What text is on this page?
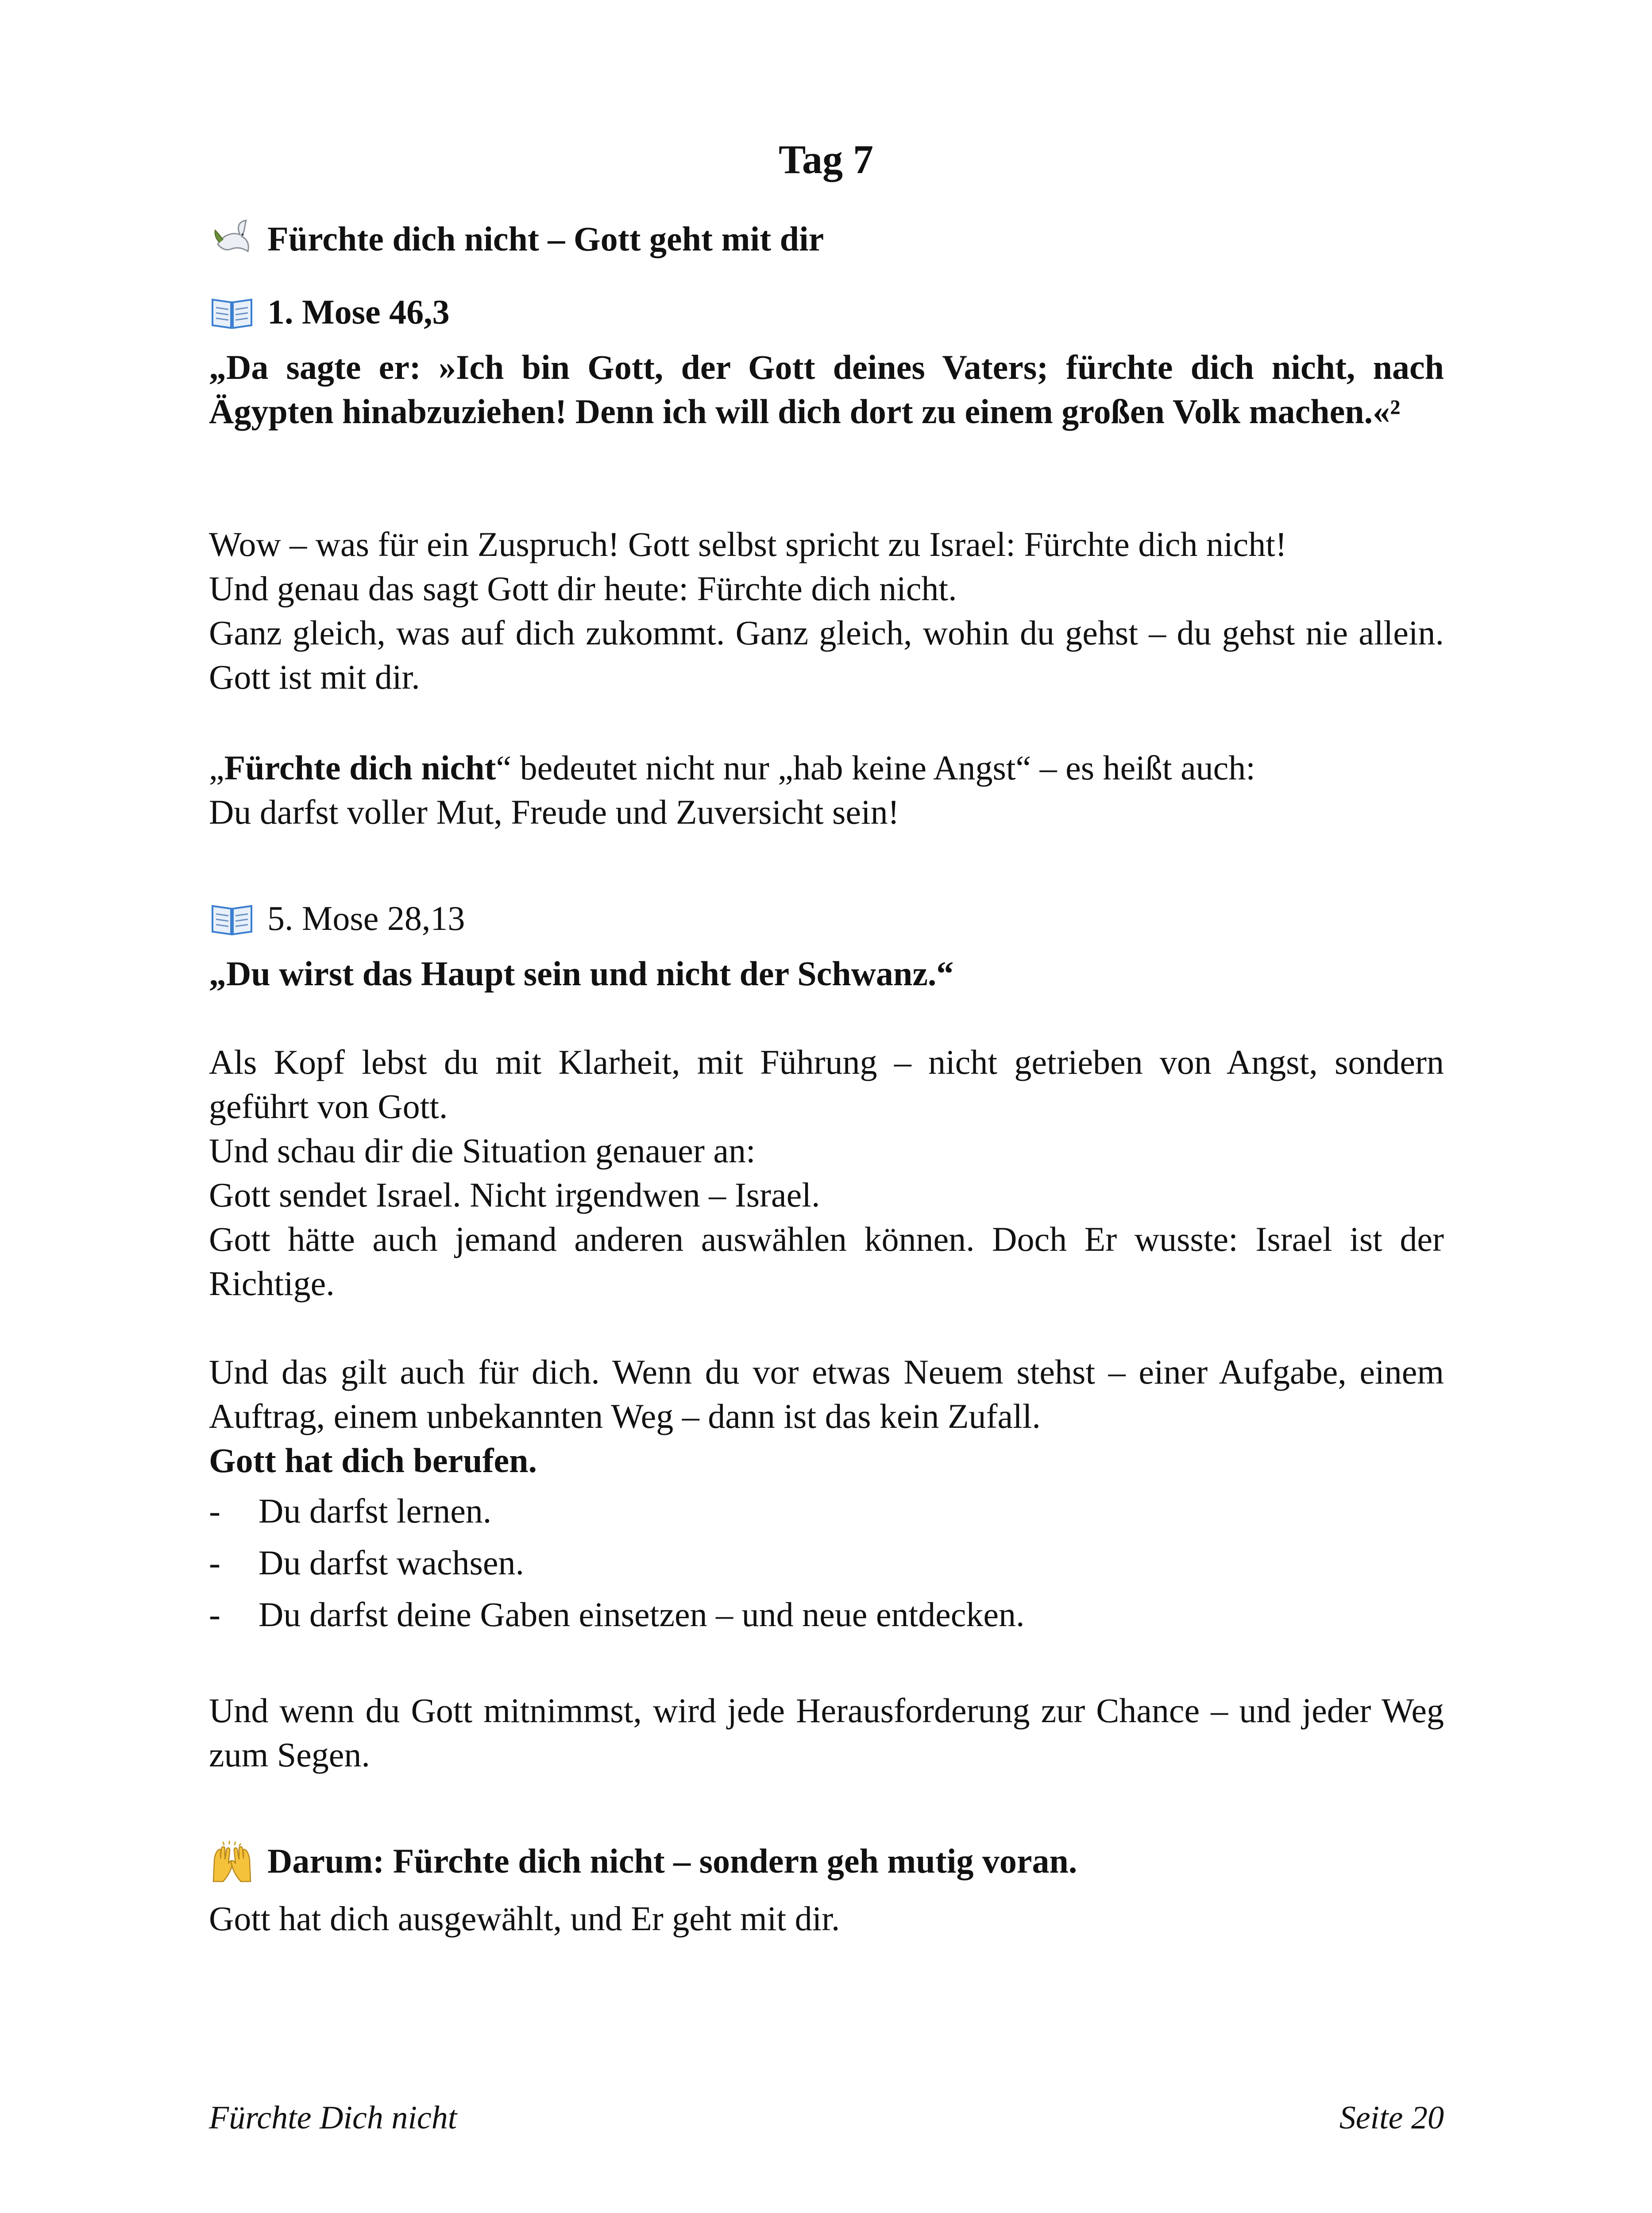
Tag 7
Fürchte dich nicht – Gott geht mit dir
1. Mose 46,3

„Da sagte er: »Ich bin Gott, der Gott deines Vaters; fürchte dich nicht, nach Ägypten hinabzuziehen! Denn ich will dich dort zu einem großen Volk machen.«²

Wow – was für ein Zuspruch! Gott selbst spricht zu Israel: Fürchte dich nicht!
Und genau das sagt Gott dir heute: Fürchte dich nicht.
Ganz gleich, was auf dich zukommt. Ganz gleich, wohin du gehst – du gehst nie allein. Gott ist mit dir.

„Fürchte dich nicht“ bedeutet nicht nur „hab keine Angst“ – es heißt auch:
Du darfst voller Mut, Freude und Zuversicht sein!

5. Mose 28,13

„Du wirst das Haupt sein und nicht der Schwanz.“

Als Kopf lebst du mit Klarheit, mit Führung – nicht getrieben von Angst, sondern geführt von Gott.
Und schau dir die Situation genauer an:
Gott sendet Israel. Nicht irgendwen – Israel.
Gott hätte auch jemand anderen auswählen können. Doch Er wusste: Israel ist der Richtige.

Und das gilt auch für dich. Wenn du vor etwas Neuem stehst – einer Aufgabe, einem Auftrag, einem unbekannten Weg – dann ist das kein Zufall.
Gott hat dich berufen.

- Du darfst lernen.
- Du darfst wachsen.
- Du darfst deine Gaben einsetzen – und neue entdecken.

Und wenn du Gott mitnimmst, wird jede Herausforderung zur Chance – und jeder Weg zum Segen.

Darum: Fürchte dich nicht – sondern geh mutig voran.

Gott hat dich ausgewählt, und Er geht mit dir.

Fürchte Dich nicht	Seite 20
